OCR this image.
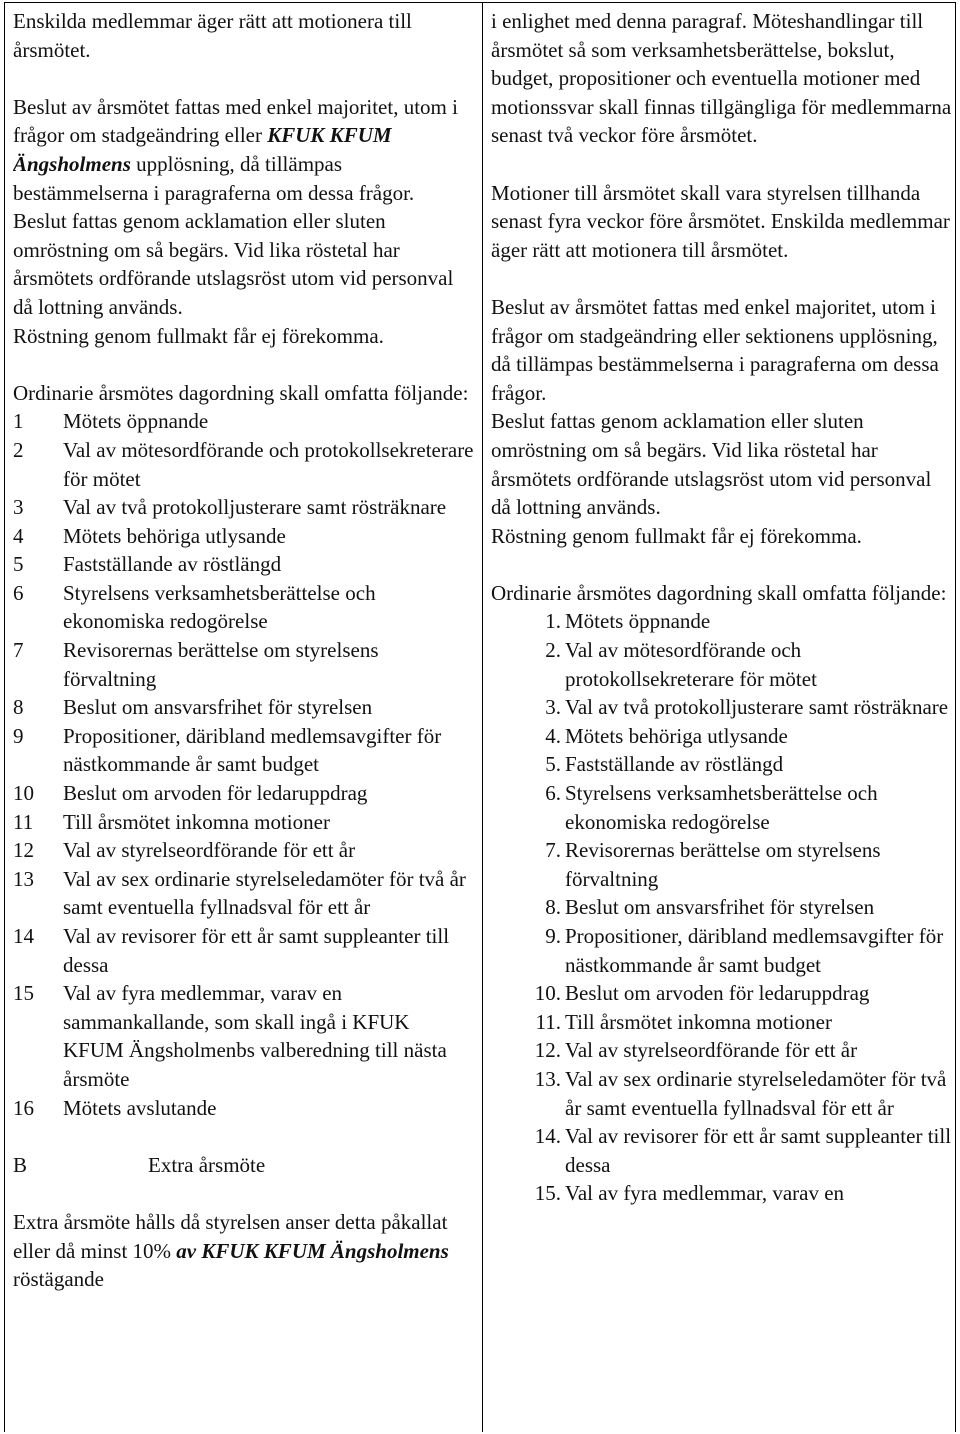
Enskilda medlemmar äger rätt att motionera till årsmötet.

Beslut av årsmötet fattas med enkel majoritet, utom i frågor om stadgeändring eller KFUK KFUM Ängsholmens upplösning, då tillämpas bestämmelserna i paragraferna om dessa frågor.

Beslut fattas genom acklamation eller sluten omröstning om så begärs. Vid lika röstetal har årsmötets ordförande utslagsröst utom vid personval då lottning används.

Röstning genom fullmakt får ej förekomma.

Ordinarie årsmötes dagordning skall omfatta följande:

1	Mötets öppnande
2	Val av mötesordförande och protokollsekreterare för mötet
3	Val av två protokolljusterare samt rösträknare
4	Mötets behöriga utlysande
5	Fastställande av röstlängd
6	Styrelsens verksamhetsberättelse och ekonomiska redogörelse
7	Revisorernas berättelse om styrelsens förvaltning
8	Beslut om ansvarsfrihet för styrelsen
9	Propositioner, däribland medlemsavgifter för nästkommande år samt budget
10	Beslut om arvoden för ledaruppdrag
11	Till årsmötet inkomna motioner
12	Val av styrelseordförande för ett år
13	Val av sex ordinarie styrelseledamöter för två år samt eventuella fyllnadsval för ett år
14	Val av revisorer för ett år samt suppleanter till dessa
15	Val av fyra medlemmar, varav en sammankallande, som skall ingå i KFUK KFUM Ängsholmenbs valberedning till nästa årsmöte
16	Mötets avslutande
B	Extra årsmöte

Extra årsmöte hålls då styrelsen anser detta påkallat eller då minst 10% av KFUK KFUM Ängsholmens röstägande

i enlighet med denna paragraf. Möteshandlingar till årsmötet så som verksamhetsberättelse, bokslut, budget, propositioner och eventuella motioner med motionssvar skall finnas tillgängliga för medlemmarna senast två veckor före årsmötet.

Motioner till årsmötet skall vara styrelsen tillhanda senast fyra veckor före årsmötet. Enskilda medlemmar äger rätt att motionera till årsmötet.

Beslut av årsmötet fattas med enkel majoritet, utom i frågor om stadgeändring eller sektionens upplösning, då tillämpas bestämmelserna i paragraferna om dessa frågor.

Beslut fattas genom acklamation eller sluten omröstning om så begärs. Vid lika röstetal har årsmötets ordförande utslagsröst utom vid personval då lottning används.

Röstning genom fullmakt får ej förekomma.

Ordinarie årsmötes dagordning skall omfatta följande:

1. Mötets öppnande
2. Val av mötesordförande och protokollsekreterare för mötet
3. Val av två protokolljusterare samt rösträknare
4. Mötets behöriga utlysande
5. Fastställande av röstlängd
6. Styrelsens verksamhetsberättelse och ekonomiska redogörelse
7. Revisorernas berättelse om styrelsens förvaltning
8. Beslut om ansvarsfrihet för styrelsen
9. Propositioner, däribland medlemsavgifter för nästkommande år samt budget
10. Beslut om arvoden för ledaruppdrag
11. Till årsmötet inkomna motioner
12. Val av styrelseordförande för ett år
13. Val av sex ordinarie styrelseledamöter för två år samt eventuella fyllnadsval för ett år
14. Val av revisorer för ett år samt suppleanter till dessa
15. Val av fyra medlemmar, varav en
